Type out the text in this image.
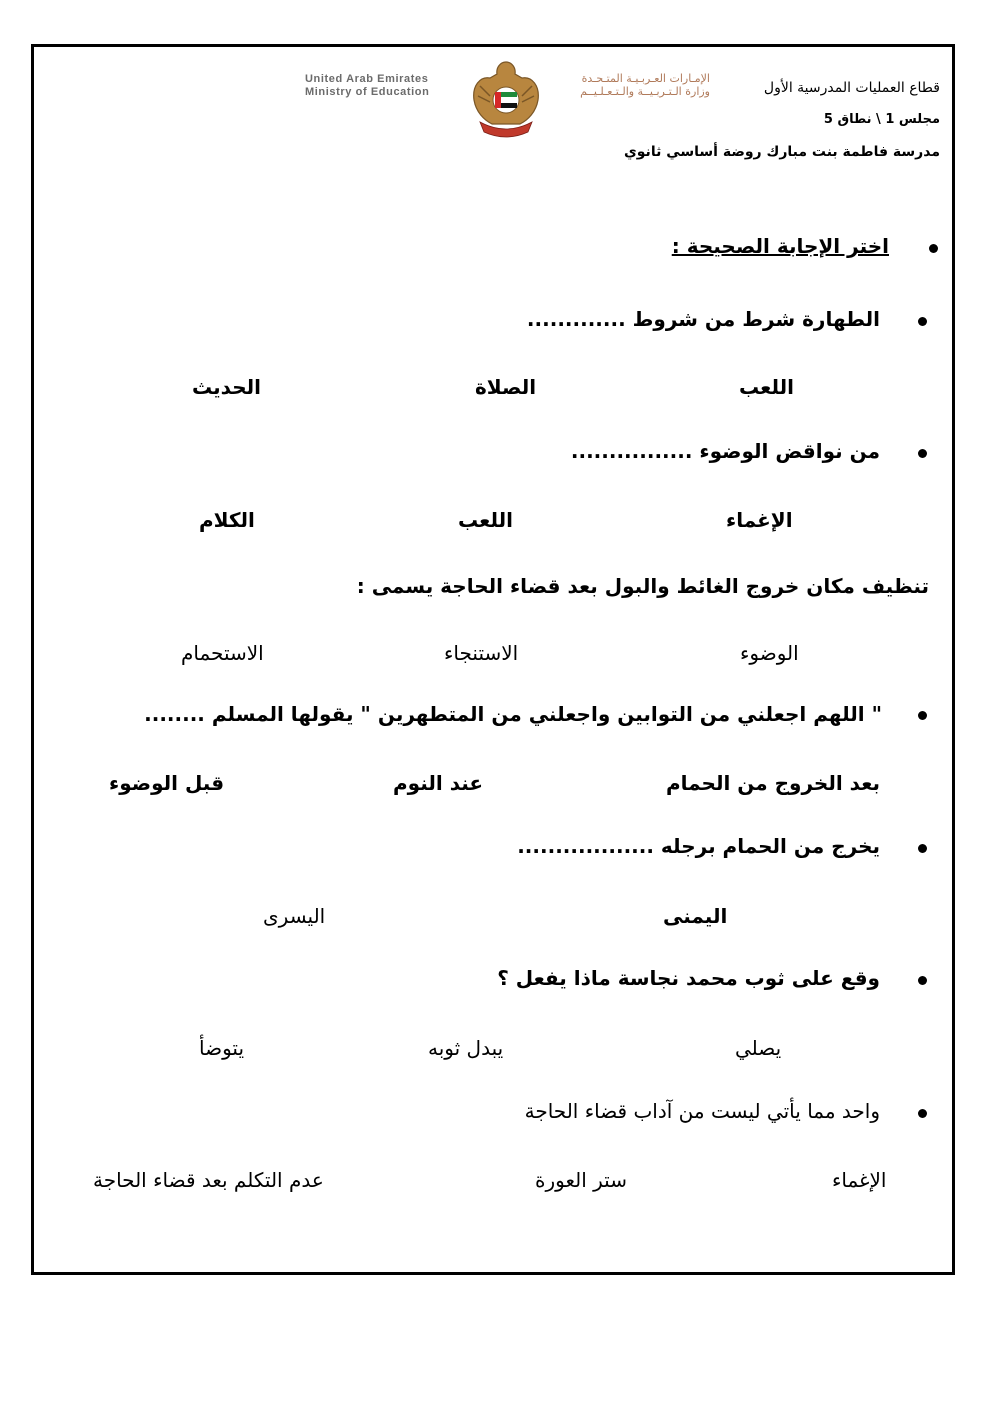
قطاع العمليات المدرسية الأول
مجلس 1 \ نطاق 5
مدرسة فاطمة بنت مبارك روضة أساسي ثانوي
United Arab Emirates
Ministry of Education
الإمـارات العـربـيـة المتـحـدة
وزارة الـتـربـيــة والـتـعـلـيــم
اختر الإجابة الصحيحة :
الطهارة شرط من شروط .............
اللعب
الصلاة
الحديث
من نواقض الوضوء ................
الإغماء
اللعب
الكلام
تنظيف مكان خروج الغائط والبول بعد قضاء الحاجة يسمى :
الوضوء
الاستنجاء
الاستحمام
" اللهم اجعلني من التوابين واجعلني من المتطهرين " يقولها المسلم ........
بعد الخروج من الحمام
عند النوم
قبل الوضوء
يخرج من الحمام برجله ..................
اليمنى
اليسرى
وقع على ثوب محمد نجاسة ماذا يفعل ؟
يصلي
يبدل ثوبه
يتوضأ
واحد مما يأتي ليست من آداب قضاء الحاجة
الإغماء
ستر العورة
عدم التكلم بعد قضاء الحاجة
